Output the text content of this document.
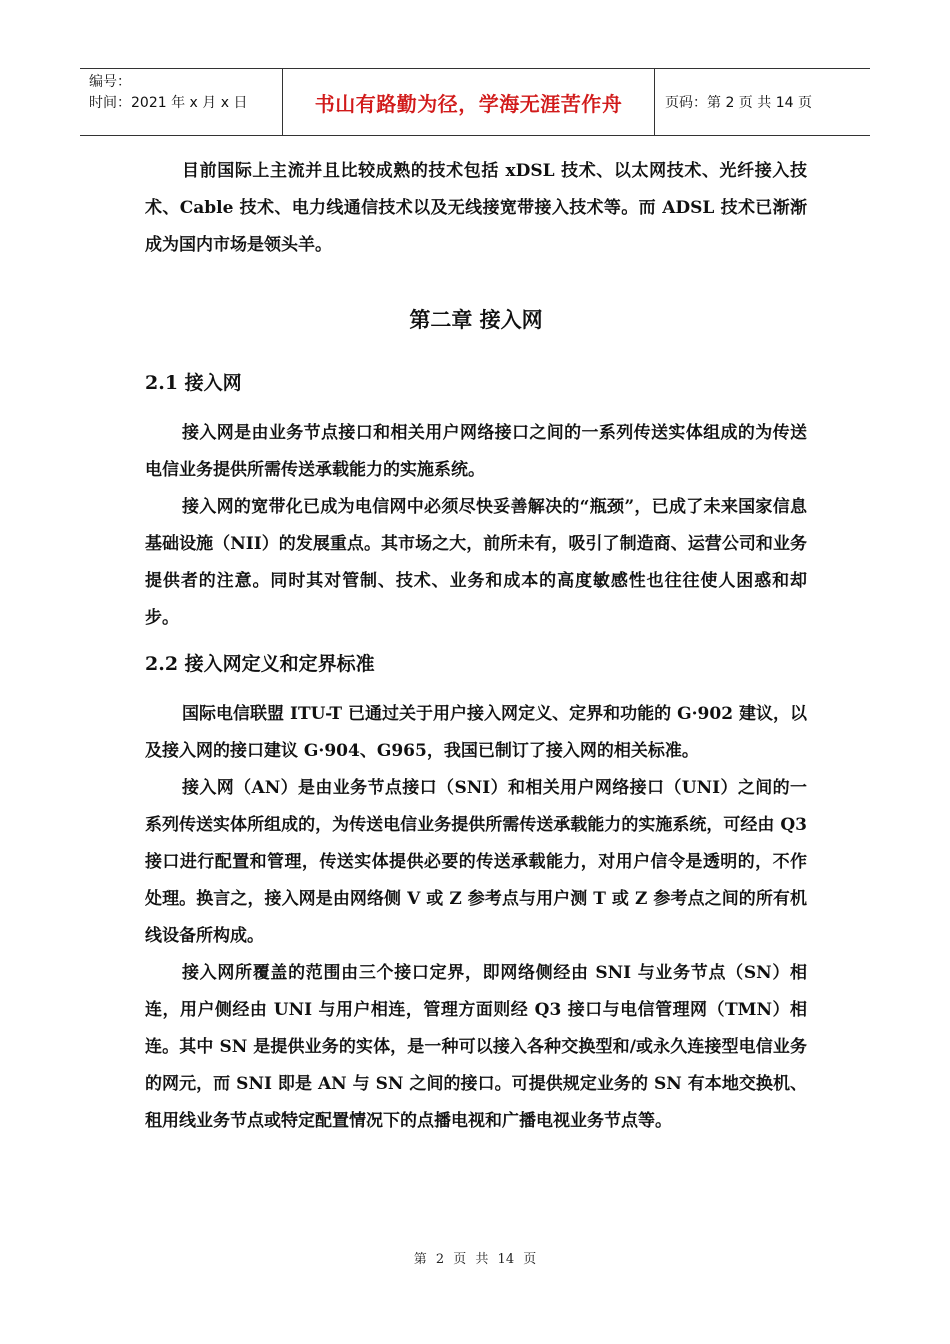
编号：
时间：2021 年 x 月 x 日	书山有路勤为径，学海无涯苦作舟	页码：第 2 页 共 14 页

目前国际上主流并且比较成熟的技术包括 xDSL 技术、以太网技术、光纤接入技术、Cable 技术、电力线通信技术以及无线接宽带接入技术等。而 ADSL 技术已渐渐成为国内市场是领头羊。

第二章 接入网
2.1 接入网

接入网是由业务节点接口和相关用户网络接口之间的一系列传送实体组成的为传送电信业务提供所需传送承载能力的实施系统。

接入网的宽带化已成为电信网中必须尽快妥善解决的“瓶颈”，已成了未来国家信息基础设施（NII）的发展重点。其市场之大，前所未有，吸引了制造商、运营公司和业务提供者的注意。同时其对管制、技术、业务和成本的高度敏感性也往往使人困惑和却步。

2.2 接入网定义和定界标准

国际电信联盟 ITU-T 已通过关于用户接入网定义、定界和功能的 G·902 建议，以及接入网的接口建议 G·904、G965，我国已制订了接入网的相关标准。

接入网（AN）是由业务节点接口（SNI）和相关用户网络接口（UNI）之间的一系列传送实体所组成的，为传送电信业务提供所需传送承载能力的实施系统，可经由 Q3 接口进行配置和管理，传送实体提供必要的传送承载能力，对用户信令是透明的，不作处理。换言之，接入网是由网络侧 V 或 Z 参考点与用户测 T 或 Z 参考点之间的所有机线设备所构成。

接入网所覆盖的范围由三个接口定界，即网络侧经由 SNI 与业务节点（SN）相连，用户侧经由 UNI 与用户相连，管理方面则经 Q3 接口与电信管理网（TMN）相连。其中 SN 是提供业务的实体，是一种可以接入各种交换型和/或永久连接型电信业务的网元，而 SNI 即是 AN 与 SN 之间的接口。可提供规定业务的 SN 有本地交换机、租用线业务节点或特定配置情况下的点播电视和广播电视业务节点等。

第 2 页 共 14 页
